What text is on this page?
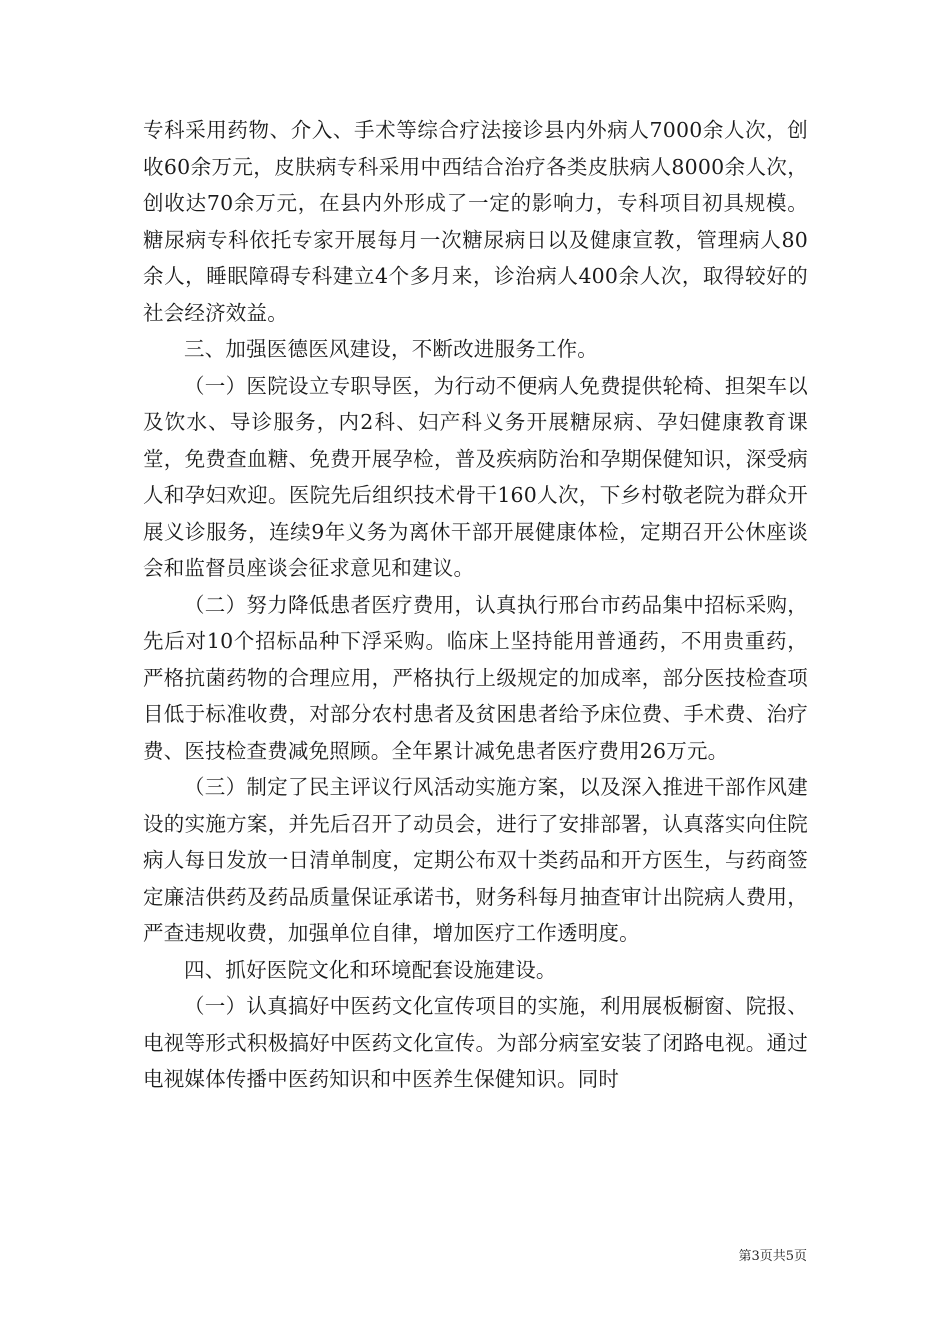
专科采用药物、介入、手术等综合疗法接诊县内外病人7000余人次，创收60余万元，皮肤病专科采用中西结合治疗各类皮肤病人8000余人次，创收达70余万元，在县内外形成了一定的影响力，专科项目初具规模。糖尿病专科依托专家开展每月一次糖尿病日以及健康宣教，管理病人80余人，睡眠障碍专科建立4个多月来，诊治病人400余人次，取得较好的社会经济效益。

三、加强医德医风建设，不断改进服务工作。

（一）医院设立专职导医，为行动不便病人免费提供轮椅、担架车以及饮水、导诊服务，内2科、妇产科义务开展糖尿病、孕妇健康教育课堂，免费查血糖、免费开展孕检，普及疾病防治和孕期保健知识，深受病人和孕妇欢迎。医院先后组织技术骨干160人次，下乡村敬老院为群众开展义诊服务，连续9年义务为离休干部开展健康体检，定期召开公休座谈会和监督员座谈会征求意见和建议。

（二）努力降低患者医疗费用，认真执行邢台市药品集中招标采购，先后对10个招标品种下浮采购。临床上坚持能用普通药，不用贵重药，严格抗菌药物的合理应用，严格执行上级规定的加成率，部分医技检查项目低于标准收费，对部分农村患者及贫困患者给予床位费、手术费、治疗费、医技检查费减免照顾。全年累计减免患者医疗费用26万元。

（三）制定了民主评议行风活动实施方案，以及深入推进干部作风建设的实施方案，并先后召开了动员会，进行了安排部署，认真落实向住院病人每日发放一日清单制度，定期公布双十类药品和开方医生，与药商签定廉洁供药及药品质量保证承诺书，财务科每月抽查审计出院病人费用，严查违规收费，加强单位自律，增加医疗工作透明度。

四、抓好医院文化和环境配套设施建设。

（一）认真搞好中医药文化宣传项目的实施，利用展板橱窗、院报、电视等形式积极搞好中医药文化宣传。为部分病室安装了闭路电视。通过电视媒体传播中医药知识和中医养生保健知识。同时

第3页共5页
